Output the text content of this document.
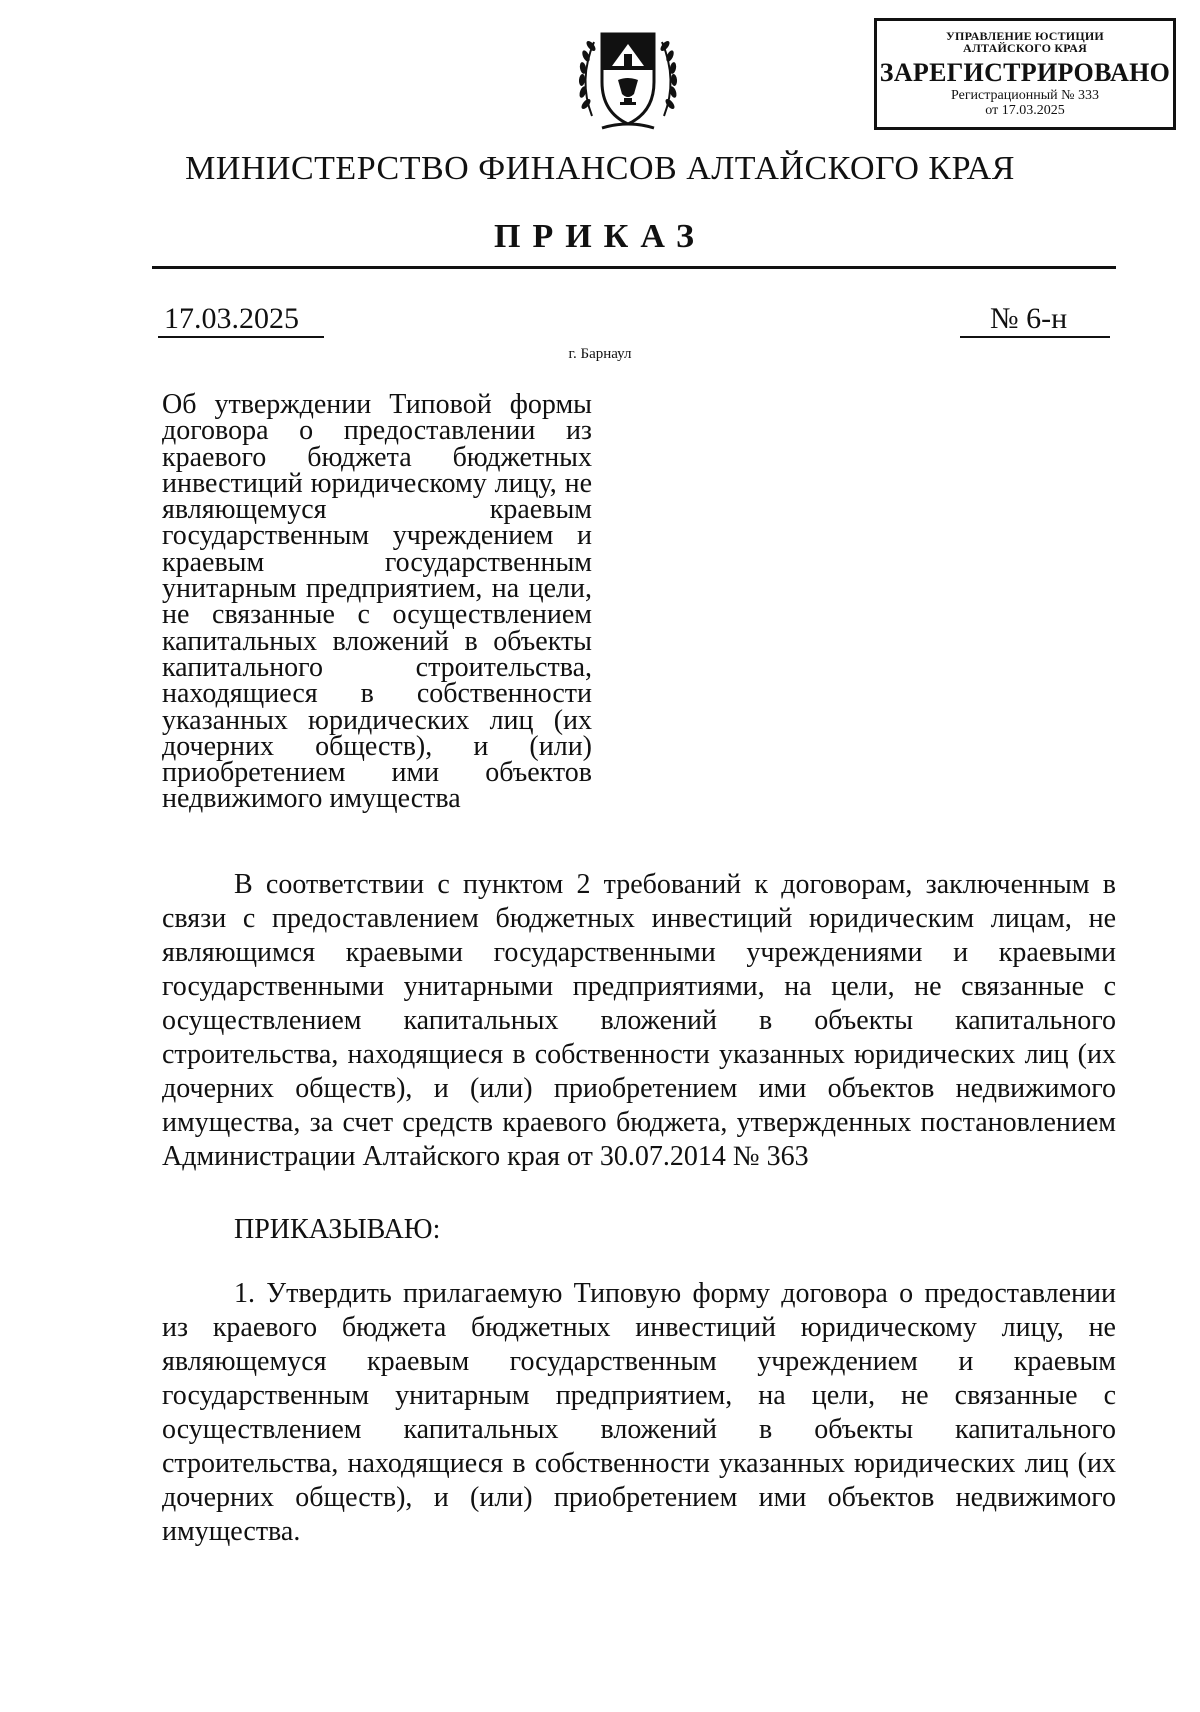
УПРАВЛЕНИЕ ЮСТИЦИИ
АЛТАЙСКОГО КРАЯ
ЗАРЕГИСТРИРОВАНО
Регистрационный № 333
от 17.03.2025
МИНИСТЕРСТВО ФИНАНСОВ АЛТАЙСКОГО КРАЯ
ПРИКАЗ
17.03.2025	№ 6-н
г. Барнаул
Об утверждении Типовой формы договора о предоставлении из краевого бюджета бюджетных инвестиций юридическому лицу, не являющемуся краевым государственным учреждением и краевым государственным унитарным предприятием, на цели, не связанные с осуществлением капитальных вложений в объекты капитального строительства, находящиеся в собственности указанных юридических лиц (их дочерних обществ), и (или) приобретением ими объектов недвижимого имущества
В соответствии с пунктом 2 требований к договорам, заключенным в связи с предоставлением бюджетных инвестиций юридическим лицам, не являющимся краевыми государственными учреждениями и краевыми государственными унитарными предприятиями, на цели, не связанные с осуществлением капитальных вложений в объекты капитального строительства, находящиеся в собственности указанных юридических лиц (их дочерних обществ), и (или) приобретением ими объектов недвижимого имущества, за счет средств краевого бюджета, утвержденных постановлением Администрации Алтайского края от 30.07.2014 № 363
ПРИКАЗЫВАЮ:
1. Утвердить прилагаемую Типовую форму договора о предоставлении из краевого бюджета бюджетных инвестиций юридическому лицу, не являющемуся краевым государственным учреждением и краевым государственным унитарным предприятием, на цели, не связанные с осуществлением капитальных вложений в объекты капитального строительства, находящиеся в собственности указанных юридических лиц (их дочерних обществ), и (или) приобретением ими объектов недвижимого имущества.
